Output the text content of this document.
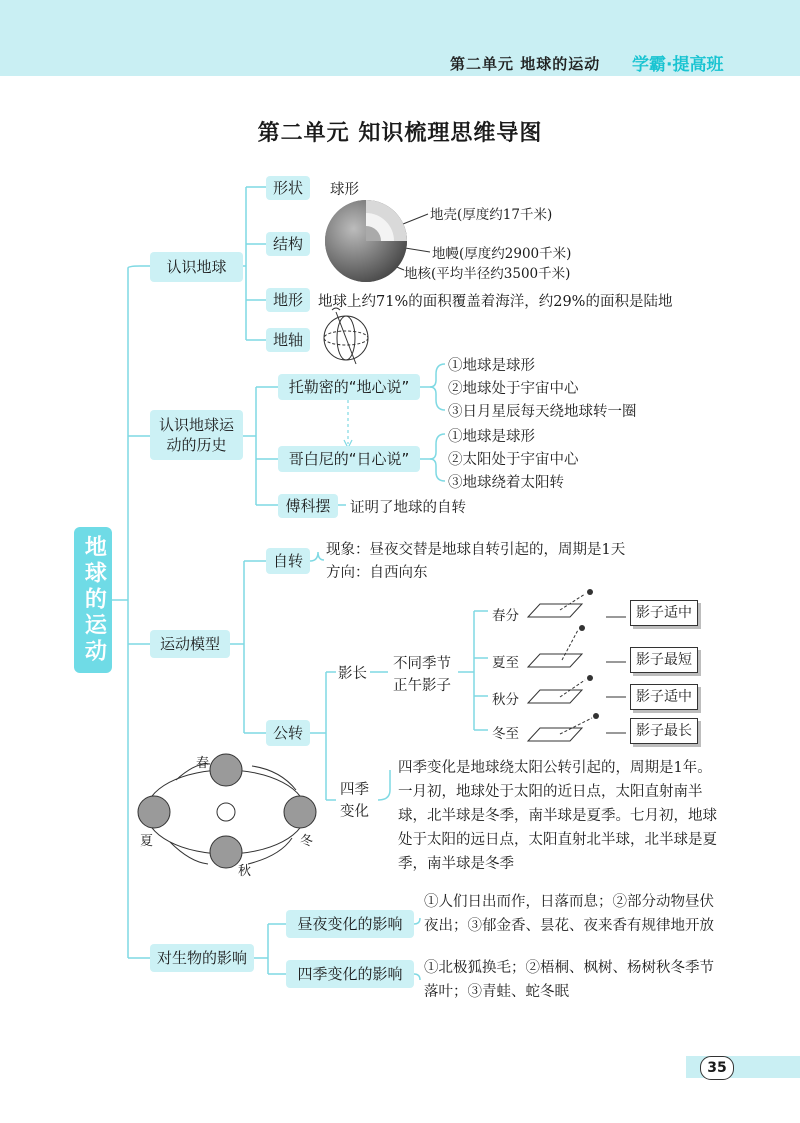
第二单元 地球的运动 学霸·提高班
第二单元 知识梳理思维导图
地球的运动
认识地球
形状	球形
结构
地壳(厚度约17千米)
地幔(厚度约2900千米)
地核(平均半径约3500千米)
地形	地球上约71%的面积覆盖着海洋，约29%的面积是陆地
地轴
认识地球运
动的历史
托勒密的“地心说”
①地球是球形
②地球处于宇宙中心
③日月星辰每天绕地球转一圈
哥白尼的“日心说”
①地球是球形
②太阳处于宇宙中心
③地球绕着太阳转
傅科摆	证明了地球的自转
运动模型
自转
现象：昼夜交替是地球自转引起的，周期是1天
方向：自西向东
公转
影长
不同季节
正午影子
春分	影子适中
夏至	影子最短
秋分	影子适中
冬至	影子最长
四季
变化
四季变化是地球绕太阳公转引起的，周期是1年。一月初，地球处于太阳的近日点，太阳直射南半球，北半球是冬季，南半球是夏季。七月初，地球处于太阳的远日点，太阳直射北半球，北半球是夏季，南半球是冬季
春
夏
秋
冬
对生物的影响
昼夜变化的影响
①人们日出而作，日落而息；②部分动物昼伏夜出；③郁金香、昙花、夜来香有规律地开放
四季变化的影响	①北极狐换毛；②梧桐、枫树、杨树秋冬季节落叶；③青蛙、蛇冬眠
35
